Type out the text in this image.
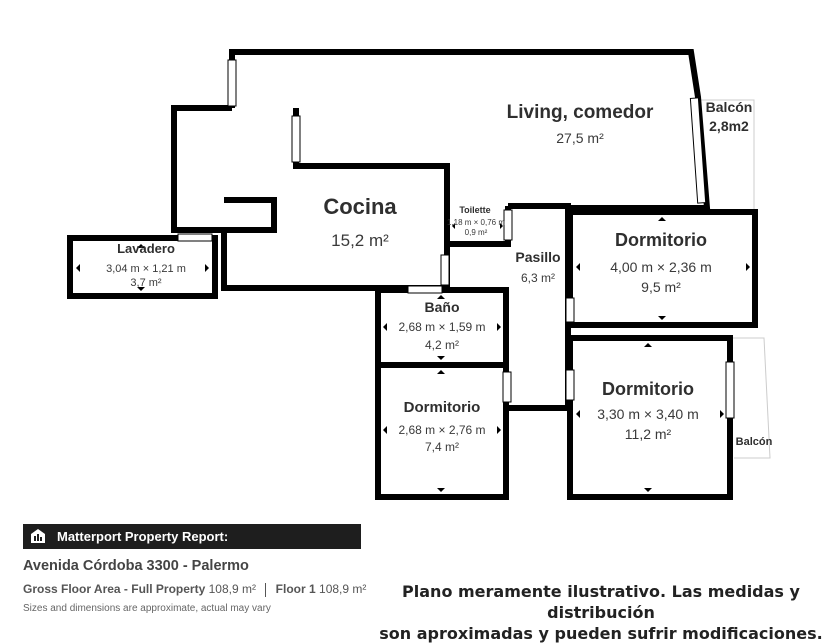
Living, comedor
27,5 m²
Balcón
2,8m2
Cocina
15,2 m²
Toilette
1,18 m × 0,76 m
0,9 m²
Lavadero
3,04 m × 1,21 m
3,7 m²
Pasillo
6,3 m²
Dormitorio
4,00 m × 2,36 m
9,5 m²
Baño
2,68 m × 1,59 m
4,2 m²
Dormitorio
2,68 m × 2,76 m
7,4 m²
Dormitorio
3,30 m × 3,40 m
11,2 m²	Balcón
Matterport Property Report:
Avenida Córdoba 3300 - Palermo
Gross Floor Area - Full Property 108,9 m² Floor 1 108,9 m²
Sizes and dimensions are approximate, actual may vary
Plano meramente ilustrativo. Las medidas y distribución
son aproximadas y pueden sufrir modificaciones.
